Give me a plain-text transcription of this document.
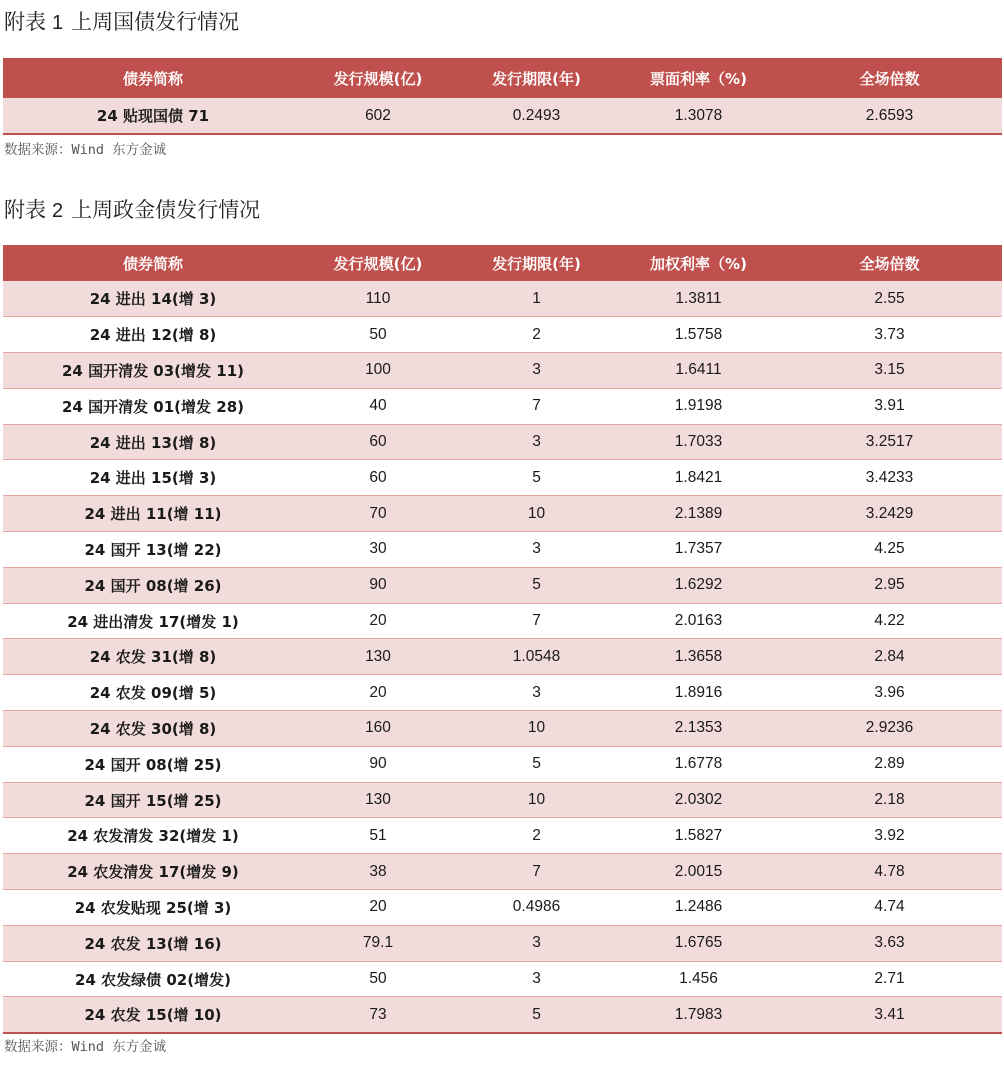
附表 1 上周国债发行情况
债券简称	发行规模(亿)	发行期限(年)	票面利率（%)	全场倍数
24 贴现国债 71	602	0.2493	1.3078	2.6593
数据来源：Wind 东方金诚
附表 2 上周政金债发行情况
债券简称	发行规模(亿)	发行期限(年)	加权利率（%)	全场倍数
24 进出 14(增 3)	110	1	1.3811	2.55
24 进出 12(增 8)	50	2	1.5758	3.73
24 国开清发 03(增发 11)	100	3	1.6411	3.15
24 国开清发 01(增发 28)	40	7	1.9198	3.91
24 进出 13(增 8)	60	3	1.7033	3.2517
24 进出 15(增 3)	60	5	1.8421	3.4233
24 进出 11(增 11)	70	10	2.1389	3.2429
24 国开 13(增 22)	30	3	1.7357	4.25
24 国开 08(增 26)	90	5	1.6292	2.95
24 进出清发 17(增发 1)	20	7	2.0163	4.22
24 农发 31(增 8)	130	1.0548	1.3658	2.84
24 农发 09(增 5)	20	3	1.8916	3.96
24 农发 30(增 8)	160	10	2.1353	2.9236
24 国开 08(增 25)	90	5	1.6778	2.89
24 国开 15(增 25)	130	10	2.0302	2.18
24 农发清发 32(增发 1)	51	2	1.5827	3.92
24 农发清发 17(增发 9)	38	7	2.0015	4.78
24 农发贴现 25(增 3)	20	0.4986	1.2486	4.74
24 农发 13(增 16)	79.1	3	1.6765	3.63
24 农发绿债 02(增发)	50	3	1.456	2.71
24 农发 15(增 10)	73	5	1.7983	3.41
数据来源：Wind 东方金诚
